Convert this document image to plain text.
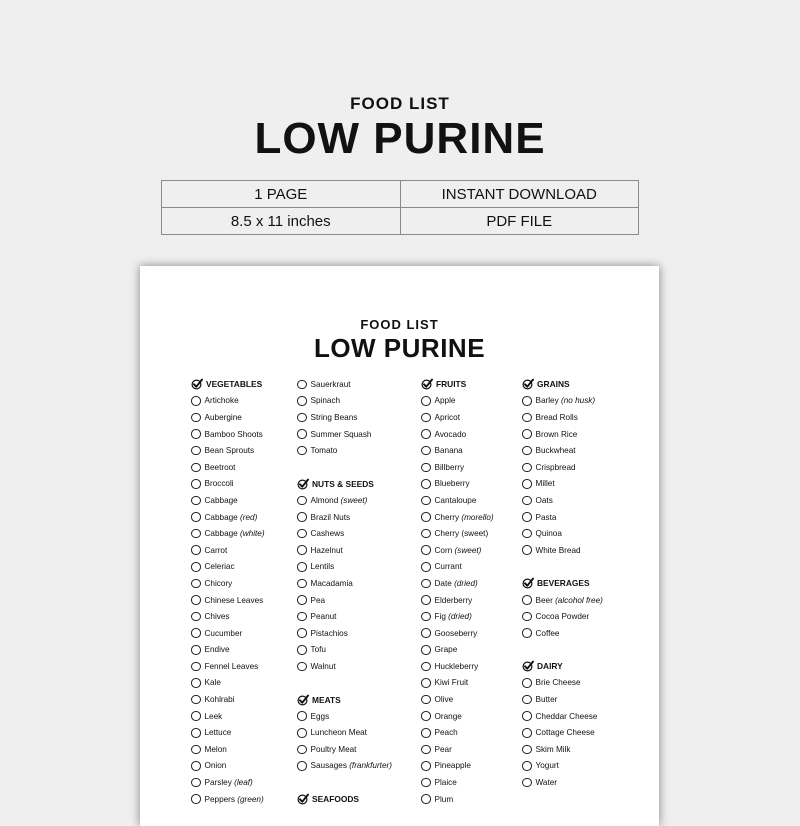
FOOD LIST
LOW PURINE
1 PAGE	INSTANT DOWNLOAD
8.5 x 11 inches	PDF FILE
FOOD LIST
LOW PURINE
VEGETABLES
Artichoke
Aubergine
Bamboo Shoots
Bean Sprouts
Beetroot
Broccoli
Cabbage
Cabbage
(red)
Cabbage
(white)
Carrot
Celeriac
Chicory
Chinese Leaves
Chives
Cucumber
Endive
Fennel Leaves
Kale
Kohlrabi
Leek
Lettuce
Melon
Onion
Parsley
(leaf)
Peppers
(green)
Sauerkraut
Spinach
String Beans
Summer Squash
Tomato
NUTS & SEEDS
Almond
(sweet)
Brazil Nuts
Cashews
Hazelnut
Lentils
Macadamia
Pea
Peanut
Pistachios
Tofu
Walnut
MEATS
Eggs
Luncheon Meat
Poultry Meat
Sausages
(frankfurter)
SEAFOODS
FRUITS
Apple
Apricot
Avocado
Banana
Billberry
Blueberry
Cantaloupe
Cherry
(morello)
Cherry (sweet)
Corn
(sweet)
Currant
Date
(dried)
Elderberry
Fig
(dried)
Gooseberry
Grape
Huckleberry
Kiwi Fruit
Olive
Orange
Peach
Pear
Pineapple
Plaice
Plum
GRAINS
Barley
(no husk)
Bread Rolls
Brown Rice
Buckwheat
Crispbread
Millet
Oats
Pasta
Quinoa
White Bread
BEVERAGES
Beer
(alcohol free)
Cocoa Powder
Coffee
DAIRY
Brie Cheese
Butter
Cheddar Cheese
Cottage Cheese
Skim Milk
Yogurt
Water
